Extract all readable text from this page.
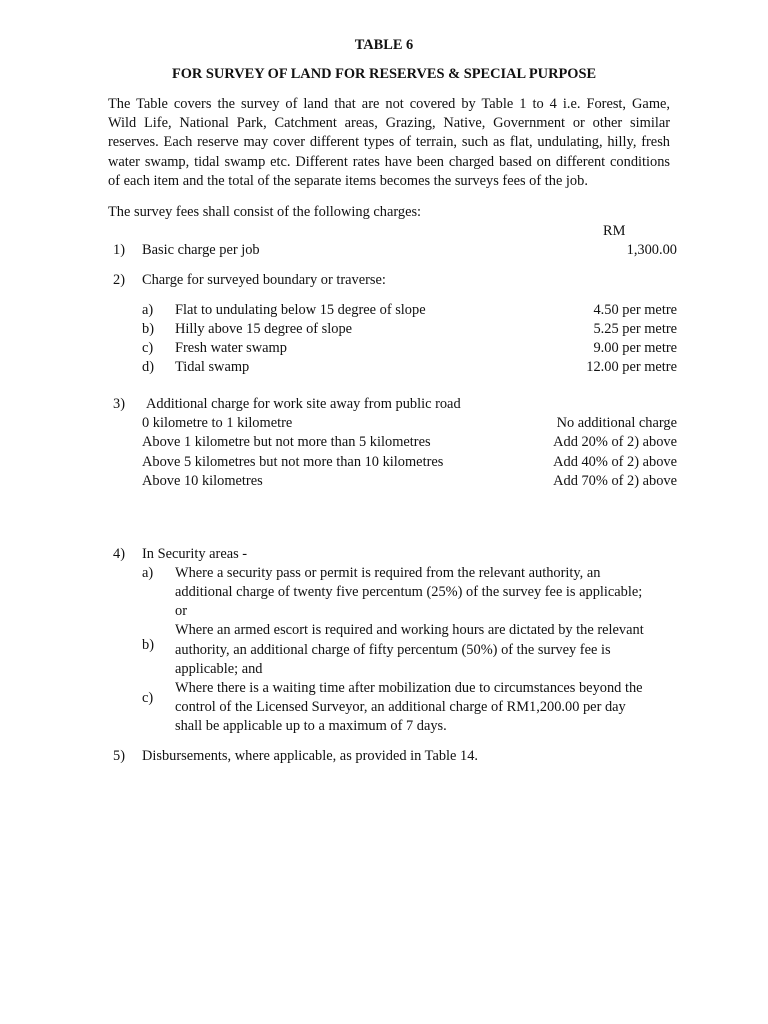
TABLE 6
FOR SURVEY OF LAND FOR RESERVES & SPECIAL PURPOSE
The Table covers the survey of land that are not covered by Table 1 to 4 i.e. Forest, Game,
Wild Life, National Park, Catchment areas, Grazing, Native, Government or other similar
reserves. Each reserve may cover different types of terrain, such as flat, undulating, hilly, fresh
water swamp, tidal swamp etc. Different rates have been charged based on different conditions
of each item and the total of the separate items becomes the surveys fees of the job.
The survey fees shall consist of the following charges:
RM
1) Basic charge per job	1,300.00
2) Charge for surveyed boundary or traverse:
a) Flat to undulating below 15 degree of slope	4.50 per metre
b) Hilly above 15 degree of slope	5.25 per metre
c) Fresh water swamp	9.00 per metre
d) Tidal swamp	12.00 per metre
3) Additional charge for work site away from public road
0 kilometre to 1 kilometre	No additional charge
Above 1 kilometre but not more than 5 kilometres	Add 20% of 2) above
Above 5 kilometres but not more than 10 kilometres	Add 40% of 2) above
Above 10 kilometres	Add 70% of 2) above
4) In Security areas -
a) Where a security pass or permit is required from the relevant authority, an
additional charge of twenty five percentum (25%) of the survey fee is applicable;
or
b)
Where an armed escort is required and working hours are dictated by the relevant
authority, an additional charge of fifty percentum (50%) of the survey fee is
applicable; and
c)
Where there is a waiting time after mobilization due to circumstances beyond the
control of the Licensed Surveyor, an additional charge of RM1,200.00 per day
shall be applicable up to a maximum of 7 days.
5) Disbursements, where applicable, as provided in Table 14.
